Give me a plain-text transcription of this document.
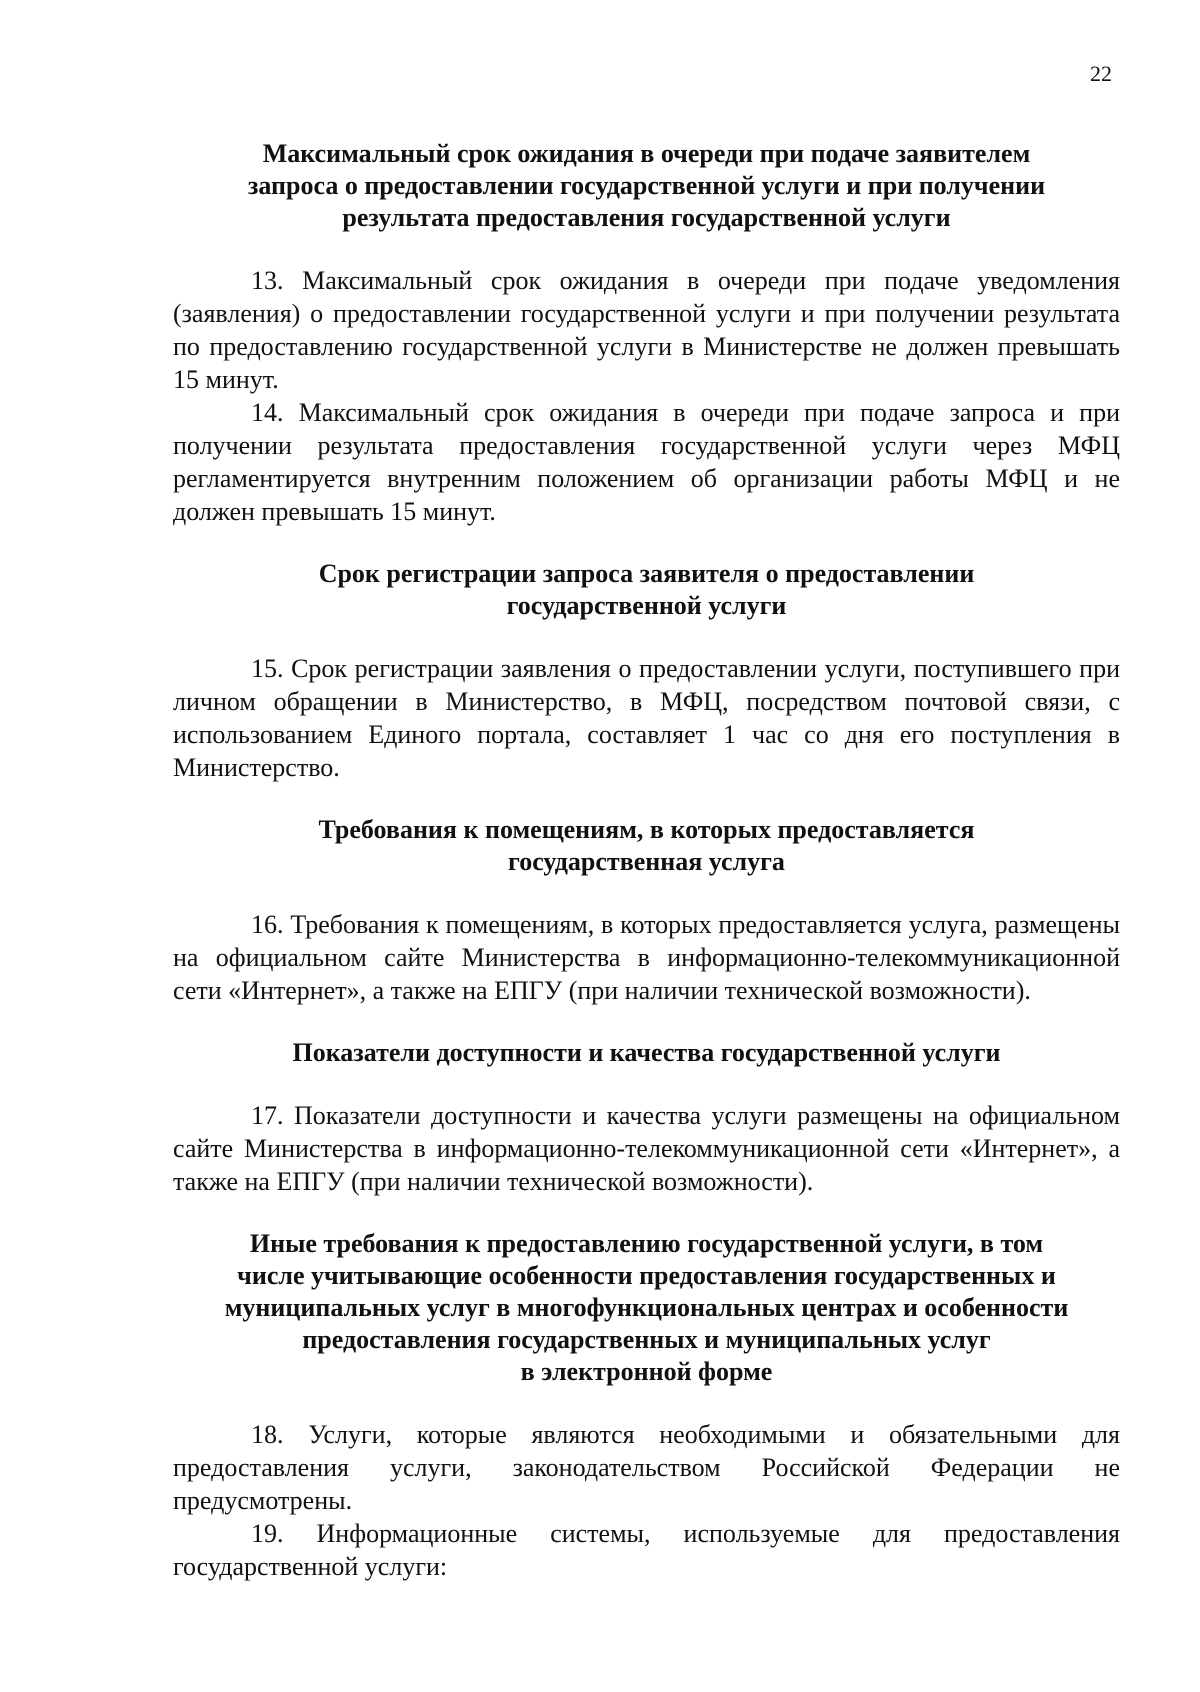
22
Максимальный срок ожидания в очереди при подаче заявителем
запроса о предоставлении государственной услуги и при получении
результата предоставления государственной услуги

13. Максимальный срок ожидания в очереди при подаче уведомления (заявления) о предоставлении государственной услуги и при получении результата по предоставлению государственной услуги в Министерстве не должен превышать 15 минут.

14. Максимальный срок ожидания в очереди при подаче запроса и при получении результата предоставления государственной услуги через МФЦ регламентируется внутренним положением об организации работы МФЦ и не должен превышать 15 минут.

Срок регистрации запроса заявителя о предоставлении
государственной услуги

15. Срок регистрации заявления о предоставлении услуги, поступившего при личном обращении в Министерство, в МФЦ, посредством почтовой связи, с использованием Единого портала, составляет 1 час со дня его поступления в Министерство.

Требования к помещениям, в которых предоставляется
государственная услуга

16. Требования к помещениям, в которых предоставляется услуга, размещены на официальном сайте Министерства в информационно-телекоммуникационной сети «Интернет», а также на ЕПГУ (при наличии технической возможности).

Показатели доступности и качества государственной услуги

17. Показатели доступности и качества услуги размещены на официальном сайте Министерства в информационно-телекоммуникационной сети «Интернет», а также на ЕПГУ (при наличии технической возможности).

Иные требования к предоставлению государственной услуги, в том
числе учитывающие особенности предоставления государственных и
муниципальных услуг в многофункциональных центрах и особенности
предоставления государственных и муниципальных услуг
в электронной форме

18. Услуги, которые являются необходимыми и обязательными для предоставления услуги, законодательством Российской Федерации не предусмотрены.

19. Информационные системы, используемые для предоставления государственной услуги:
